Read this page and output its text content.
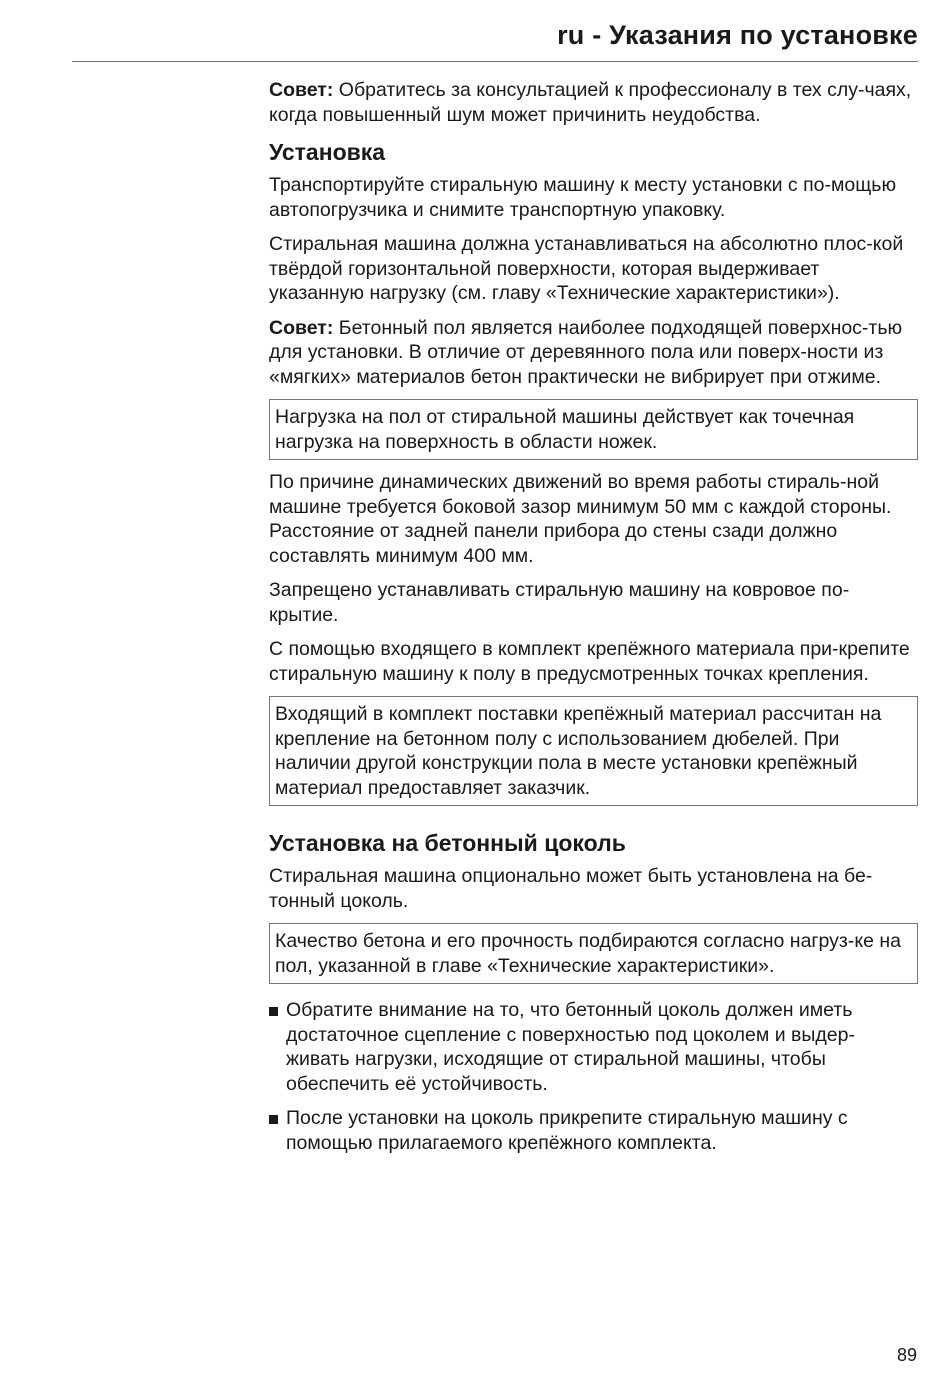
ru - Указания по установке

Совет: Обратитесь за консультацией к профессионалу в тех слу-чаях, когда повышенный шум может причинить неудобства.

Установка

Транспортируйте стиральную машину к месту установки с по-мощью автопогрузчика и снимите транспортную упаковку.

Стиральная машина должна устанавливаться на абсолютно плос-кой твёрдой горизонтальной поверхности, которая выдерживает указанную нагрузку (см. главу «Технические характеристики»).

Совет: Бетонный пол является наиболее подходящей поверхнос-тью для установки. В отличие от деревянного пола или поверх-ности из «мягких» материалов бетон практически не вибрирует при отжиме.

Нагрузка на пол от стиральной машины действует как точечная нагрузка на поверхность в области ножек.

По причине динамических движений во время работы стираль-ной машине требуется боковой зазор минимум 50 мм с каждой стороны. Расстояние от задней панели прибора до стены сзади должно составлять минимум 400 мм.

Запрещено устанавливать стиральную машину на ковровое по-крытие.

С помощью входящего в комплект крепёжного материала при-крепите стиральную машину к полу в предусмотренных точках крепления.

Входящий в комплект поставки крепёжный материал рассчитан на крепление на бетонном полу с использованием дюбелей. При наличии другой конструкции пола в месте установки крепёжный материал предоставляет заказчик.
Установка на бетонный цоколь

Стиральная машина опционально может быть установлена на бе-тонный цоколь.

Качество бетона и его прочность подбираются согласно нагруз-ке на пол, указанной в главе «Технические характеристики».
Обратите внимание на то, что бетонный цоколь должен иметь достаточное сцепление с поверхностью под цоколем и выдер-живать нагрузки, исходящие от стиральной машины, чтобы обеспечить её устойчивость.
После установки на цоколь прикрепите стиральную машину с помощью прилагаемого крепёжного комплекта.

89
